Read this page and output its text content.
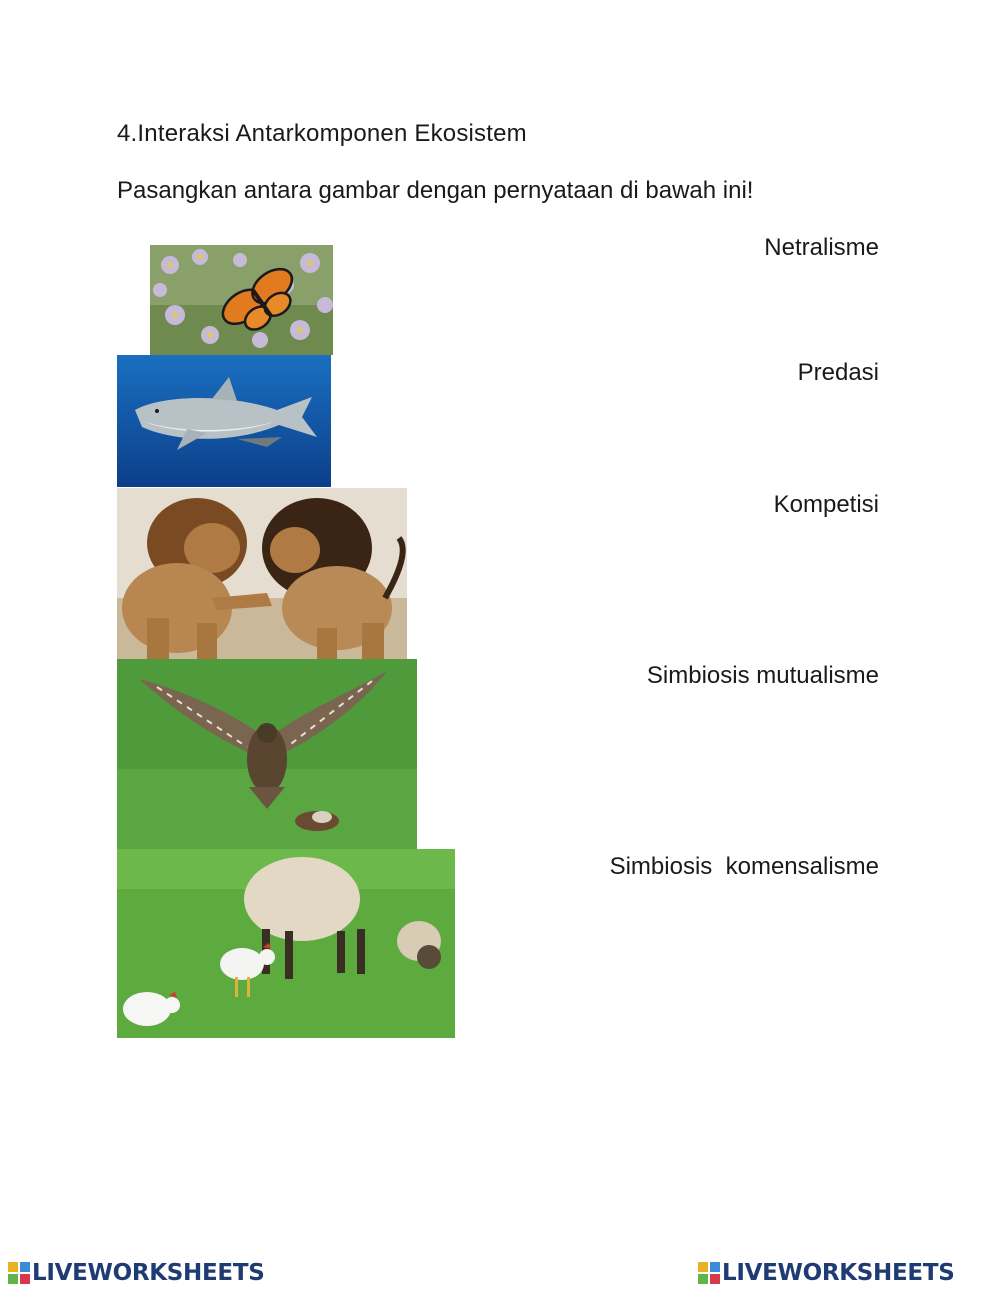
4.Interaksi Antarkomponen Ekosistem
Pasangkan antara gambar dengan pernyataan di bawah ini!
Netralisme
Predasi
Kompetisi
Simbiosis mutualisme
Simbiosis  komensalisme
LIVEWORKSHEETS	LIVEWORKSHEETS
